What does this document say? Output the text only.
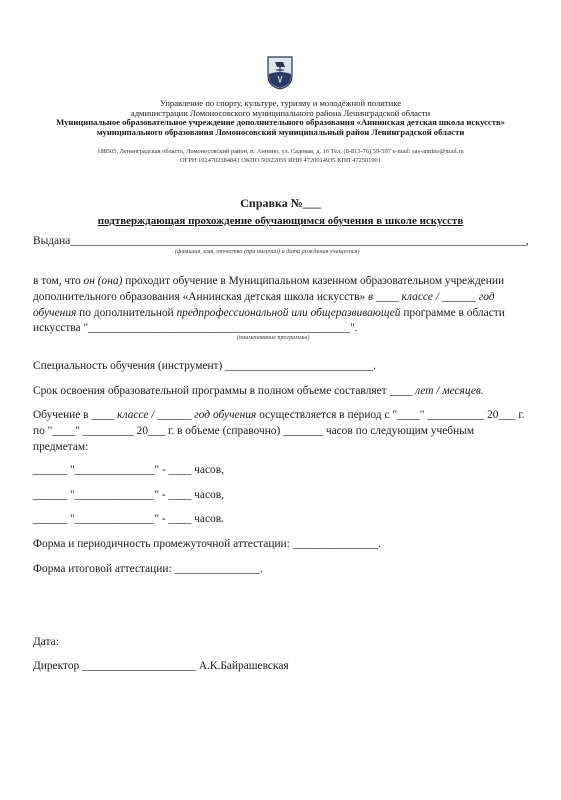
Управление по спорту, культуре, туризму и молодёжной политике
администрации Ломоносовского муниципального района Ленинградской области
Муниципальное образовательное учреждение дополнительного образования «Аннинская детская школа искусств»
муниципального образования Ломоносовский муниципальный район Ленинградской области
188505, Ленинградская область, Ломоносовский район, п. Аннино, ул. Садовая, д. 16 Тел. (8-813-76) 59-597 e-mail: sas-annino@mail.ru
ОГРН 1024702184841 ОКПО 56922059 ИНН 4720014935 КПП 472501001
Справка №___
подтверждающая прохождение обучающимся обучения в школе искусств
Выдана________________________________________________________________________________,
(фамилия, имя, отчество (при наличии) и дата рождения учащегося)
в том, что он (она) проходит обучение в Муниципальном казенном образовательном учреждении
дополнительного образования «Аннинская детская школа искусств» в ____ классе / ______ год
обучения по дополнительной предпрофессиональной или общеразвивающей программе в области
искусства "______________________________________________".
(наименование программы)
Специальность обучения (инструмент) __________________________.
Срок освоения образовательной программы в полном объеме составляет ____ лет / месяцев.
Обучение в ____ классе / ______ год обучения осуществляется в период с "____" __________ 20___ г.
по "____" _________ 20___ г. в объеме (справочно) _______ часов по следующим учебным
предметам:
______ "______________" - ____ часов,
______ "______________" - ____ часов,
______ "______________" - ____ часов.
Форма и периодичность промежуточной аттестации: _______________.
Форма итоговой аттестации: _______________.
Дата:
Директор ____________________ А.К.Байрашевская
